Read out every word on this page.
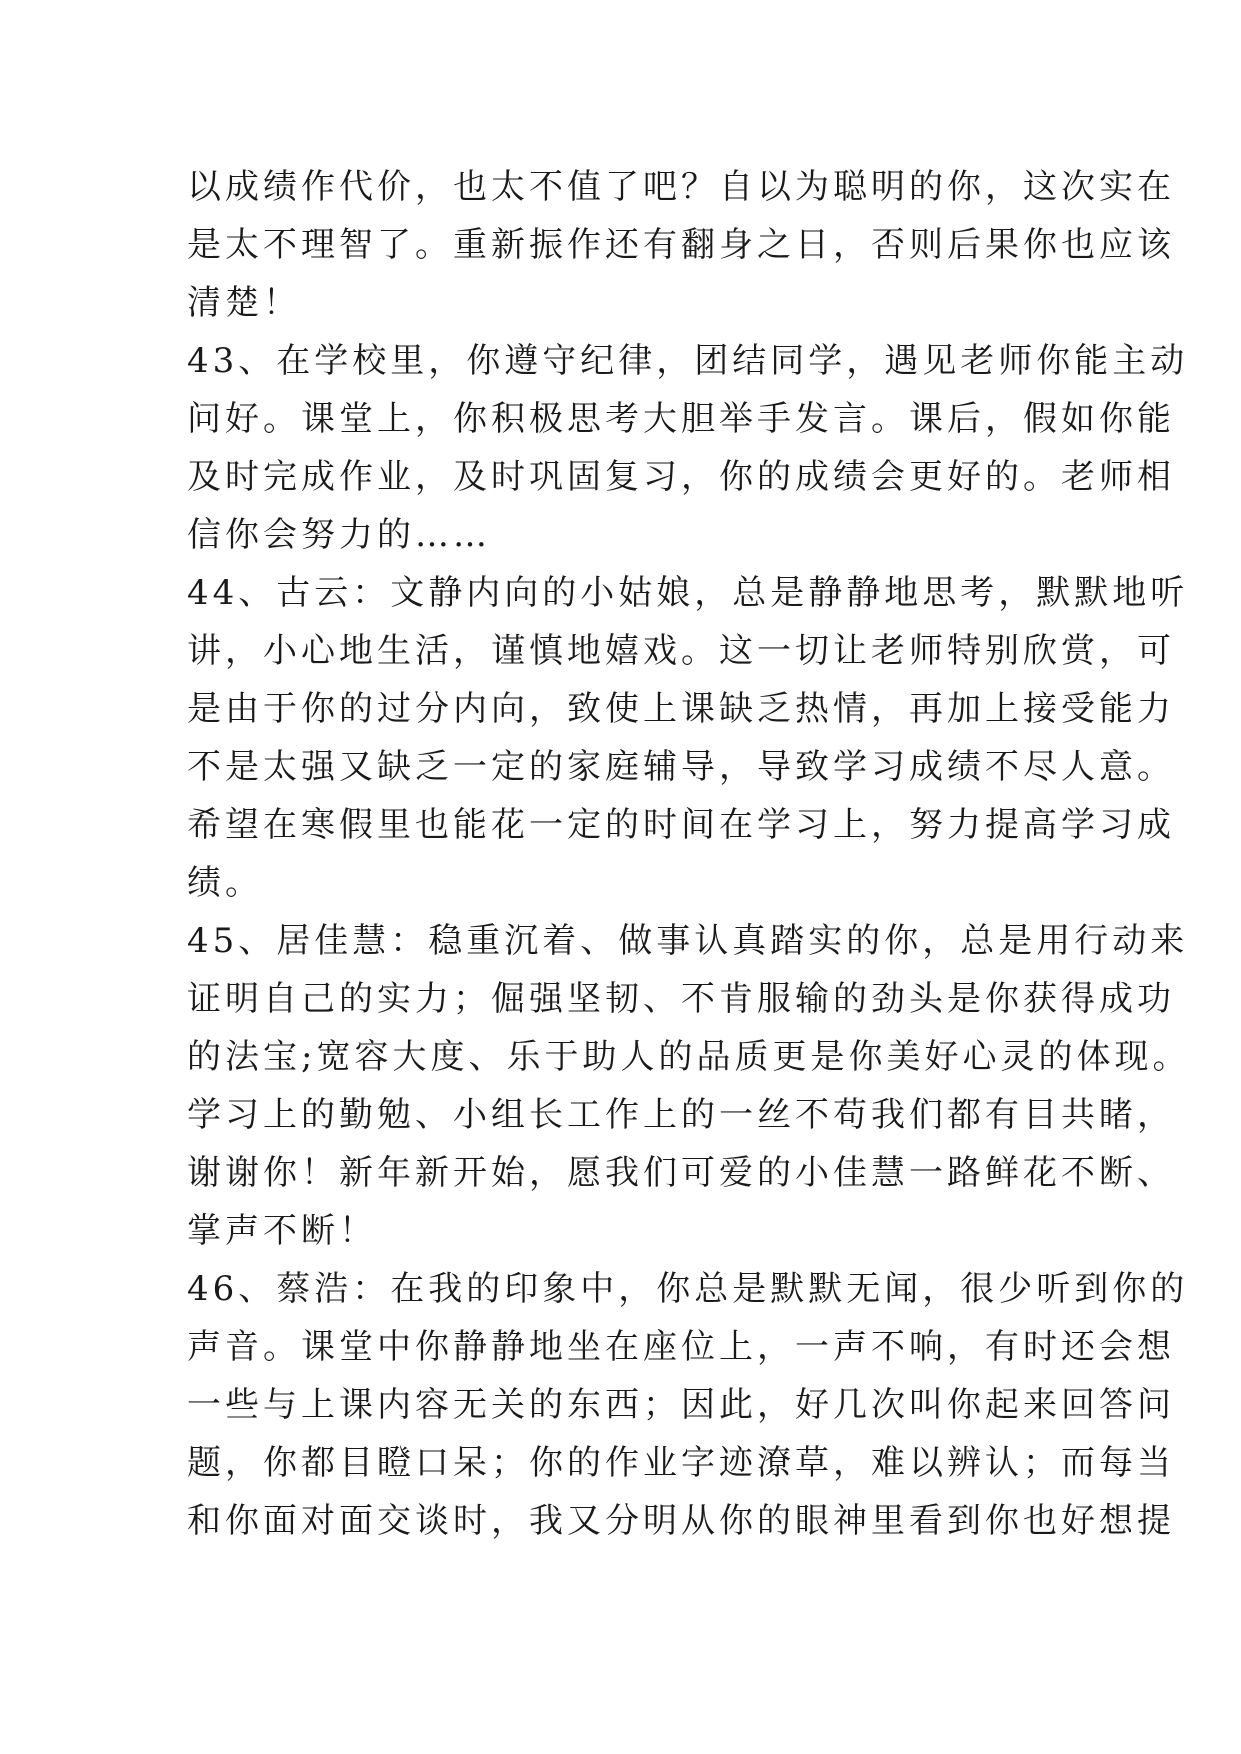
以成绩作代价，也太不值了吧？自以为聪明的你，这次实在
是太不理智了。重新振作还有翻身之日，否则后果你也应该
清楚！
43、在学校里，你遵守纪律，团结同学，遇见老师你能主动
问好。课堂上，你积极思考大胆举手发言。课后，假如你能
及时完成作业，及时巩固复习，你的成绩会更好的。老师相
信你会努力的……
44、古云：文静内向的小姑娘，总是静静地思考，默默地听
讲，小心地生活，谨慎地嬉戏。这一切让老师特别欣赏，可
是由于你的过分内向，致使上课缺乏热情，再加上接受能力
不是太强又缺乏一定的家庭辅导，导致学习成绩不尽人意。
希望在寒假里也能花一定的时间在学习上，努力提高学习成
绩。
45、居佳慧：稳重沉着、做事认真踏实的你，总是用行动来
证明自己的实力；倔强坚韧、不肯服输的劲头是你获得成功
的法宝;宽容大度、乐于助人的品质更是你美好心灵的体现。
学习上的勤勉、小组长工作上的一丝不苟我们都有目共睹，
谢谢你！新年新开始，愿我们可爱的小佳慧一路鲜花不断、
掌声不断！
46、蔡浩：在我的印象中，你总是默默无闻，很少听到你的
声音。课堂中你静静地坐在座位上，一声不响，有时还会想
一些与上课内容无关的东西；因此，好几次叫你起来回答问
题，你都目瞪口呆；你的作业字迹潦草，难以辨认；而每当
和你面对面交谈时，我又分明从你的眼神里看到你也好想提
